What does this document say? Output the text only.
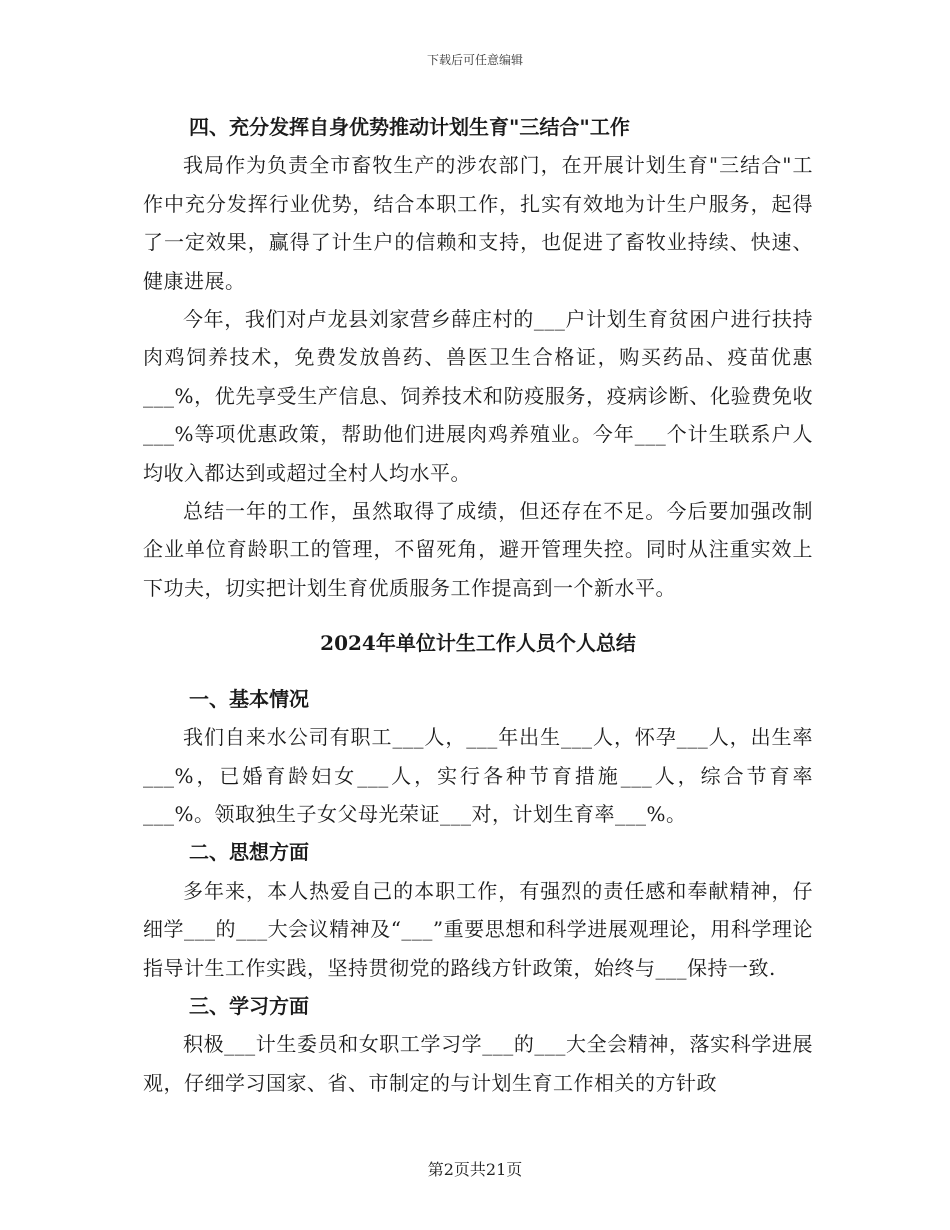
下载后可任意编辑
四、充分发挥自身优势推动计划生育"三结合"工作

我局作为负责全市畜牧生产的涉农部门，在开展计划生育"三结合"工作中充分发挥行业优势，结合本职工作，扎实有效地为计生户服务，起得了一定效果，赢得了计生户的信赖和支持，也促进了畜牧业持续、快速、健康进展。

今年，我们对卢龙县刘家营乡薛庄村的___户计划生育贫困户进行扶持肉鸡饲养技术，免费发放兽药、兽医卫生合格证，购买药品、疫苗优惠___%，优先享受生产信息、饲养技术和防疫服务，疫病诊断、化验费免收___%等项优惠政策，帮助他们进展肉鸡养殖业。今年___个计生联系户人均收入都达到或超过全村人均水平。

总结一年的工作，虽然取得了成绩，但还存在不足。今后要加强改制企业单位育龄职工的管理，不留死角，避开管理失控。同时从注重实效上下功夫，切实把计划生育优质服务工作提高到一个新水平。

2024年单位计生工作人员个人总结
一、基本情况

我们自来水公司有职工___人，___年出生___人，怀孕___人，出生率___%，已婚育龄妇女___人，实行各种节育措施___人，综合节育率___%。领取独生子女父母光荣证___对，计划生育率___%。

二、思想方面

多年来，本人热爱自己的本职工作，有强烈的责任感和奉献精神，仔细学___的___大会议精神及“___”重要思想和科学进展观理论，用科学理论指导计生工作实践，坚持贯彻党的路线方针政策，始终与___保持一致.

三、学习方面

积极___计生委员和女职工学习学___的___大全会精神，落实科学进展观，仔细学习国家、省、市制定的与计划生育工作相关的方针政

第2页共21页
